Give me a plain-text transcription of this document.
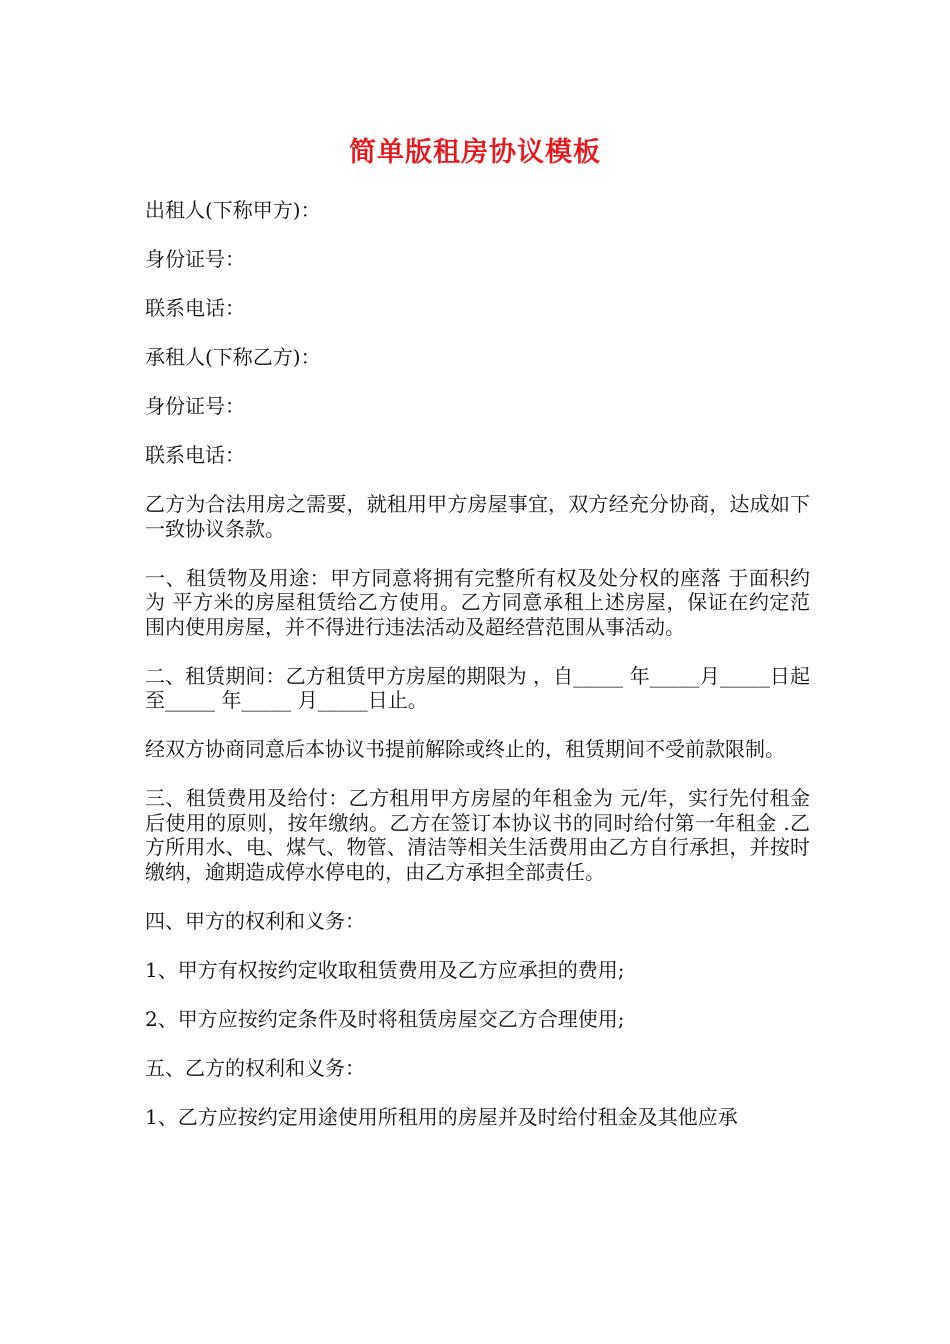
简单版租房协议模板

出租人(下称甲方)：

身份证号：

联系电话：

承租人(下称乙方)：

身份证号：

联系电话：

乙方为合法用房之需要，就租用甲方房屋事宜，双方经充分协商，达成如下一致协议条款。

一、租赁物及用途：甲方同意将拥有完整所有权及处分权的座落 于面积约为 平方米的房屋租赁给乙方使用。乙方同意承租上述房屋，保证在约定范围内使用房屋，并不得进行违法活动及超经营范围从事活动。

二、租赁期间：乙方租赁甲方房屋的期限为 ，自_____ 年_____月_____日起至_____ 年_____ 月_____日止。

经双方协商同意后本协议书提前解除或终止的，租赁期间不受前款限制。

三、租赁费用及给付：乙方租用甲方房屋的年租金为 元/年，实行先付租金后使用的原则，按年缴纳。乙方在签订本协议书的同时给付第一年租金 .乙方所用水、电、煤气、物管、清洁等相关生活费用由乙方自行承担，并按时缴纳，逾期造成停水停电的，由乙方承担全部责任。

四、甲方的权利和义务：

1、甲方有权按约定收取租赁费用及乙方应承担的费用;

2、甲方应按约定条件及时将租赁房屋交乙方合理使用;

五、乙方的权利和义务：

1、乙方应按约定用途使用所租用的房屋并及时给付租金及其他应承
